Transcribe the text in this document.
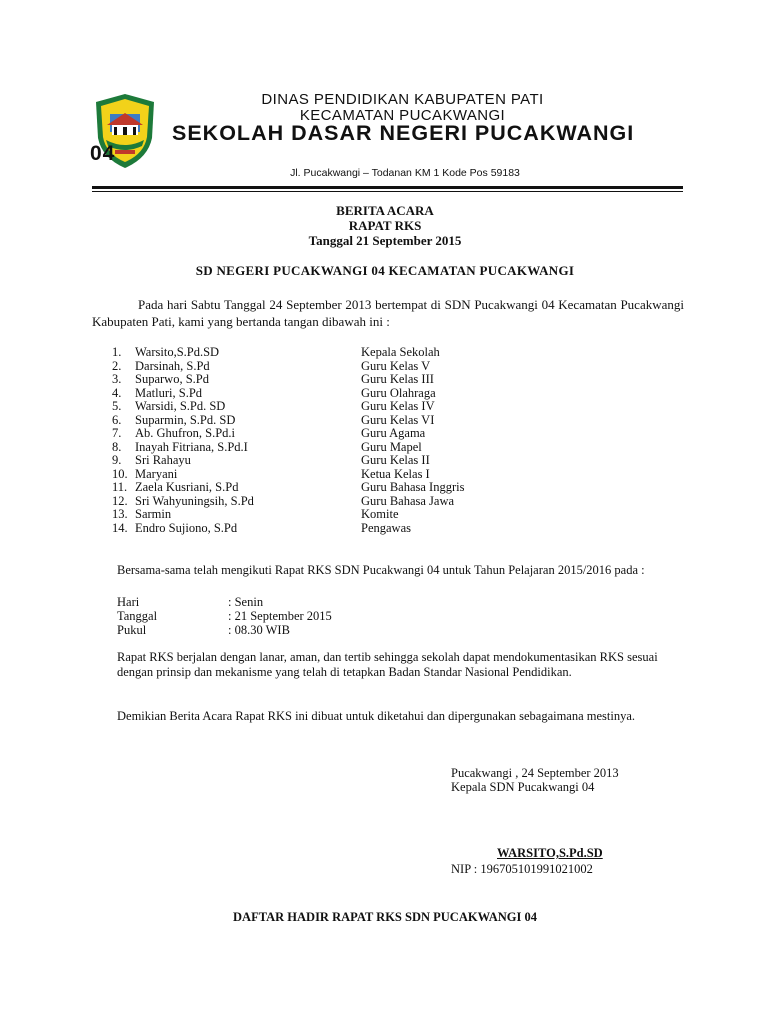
04
DINAS PENDIDIKAN KABUPATEN PATI
KECAMATAN PUCAKWANGI
SEKOLAH DASAR NEGERI PUCAKWANGI
Jl. Pucakwangi – Todanan KM 1 Kode Pos 59183
BERITA ACARA
RAPAT RKS
Tanggal 21 September 2015
SD NEGERI PUCAKWANGI 04 KECAMATAN PUCAKWANGI
Pada hari Sabtu Tanggal 24 September 2013 bertempat di SDN Pucakwangi 04 Kecamatan Pucakwangi Kabupaten Pati, kami yang bertanda tangan dibawah ini :
1. Warsito,S.Pd.SD	Kepala Sekolah
2. Darsinah, S.Pd	Guru Kelas V
3. Suparwo, S.Pd	Guru Kelas III
4. Matluri, S.Pd	Guru Olahraga
5. Warsidi, S.Pd. SD	Guru Kelas IV
6. Suparmin, S.Pd. SD	Guru Kelas VI
7. Ab. Ghufron, S.Pd.i	Guru Agama
8. Inayah Fitriana, S.Pd.I	Guru Mapel
9. Sri Rahayu	Guru Kelas II
10. Maryani	Ketua Kelas I
11. Zaela Kusriani, S.Pd	Guru Bahasa Inggris
12. Sri Wahyuningsih, S.Pd	Guru Bahasa Jawa
13. Sarmin	Komite
14. Endro Sujiono, S.Pd	Pengawas
Bersama-sama telah mengikuti Rapat RKS SDN Pucakwangi 04 untuk Tahun Pelajaran 2015/2016 pada :
Hari	: Senin
Tanggal	: 21 September 2015
Pukul	: 08.30 WIB
Rapat RKS berjalan dengan lanar, aman, dan tertib sehingga sekolah dapat mendokumentasikan RKS sesuai dengan prinsip dan mekanisme yang telah di tetapkan Badan Standar Nasional Pendidikan.
Demikian Berita Acara Rapat RKS ini dibuat untuk diketahui dan dipergunakan sebagaimana mestinya.
Pucakwangi , 24 September 2013
Kepala SDN Pucakwangi 04
WARSITO,S.Pd.SD
NIP : 196705101991021002
DAFTAR HADIR RAPAT RKS SDN PUCAKWANGI 04
